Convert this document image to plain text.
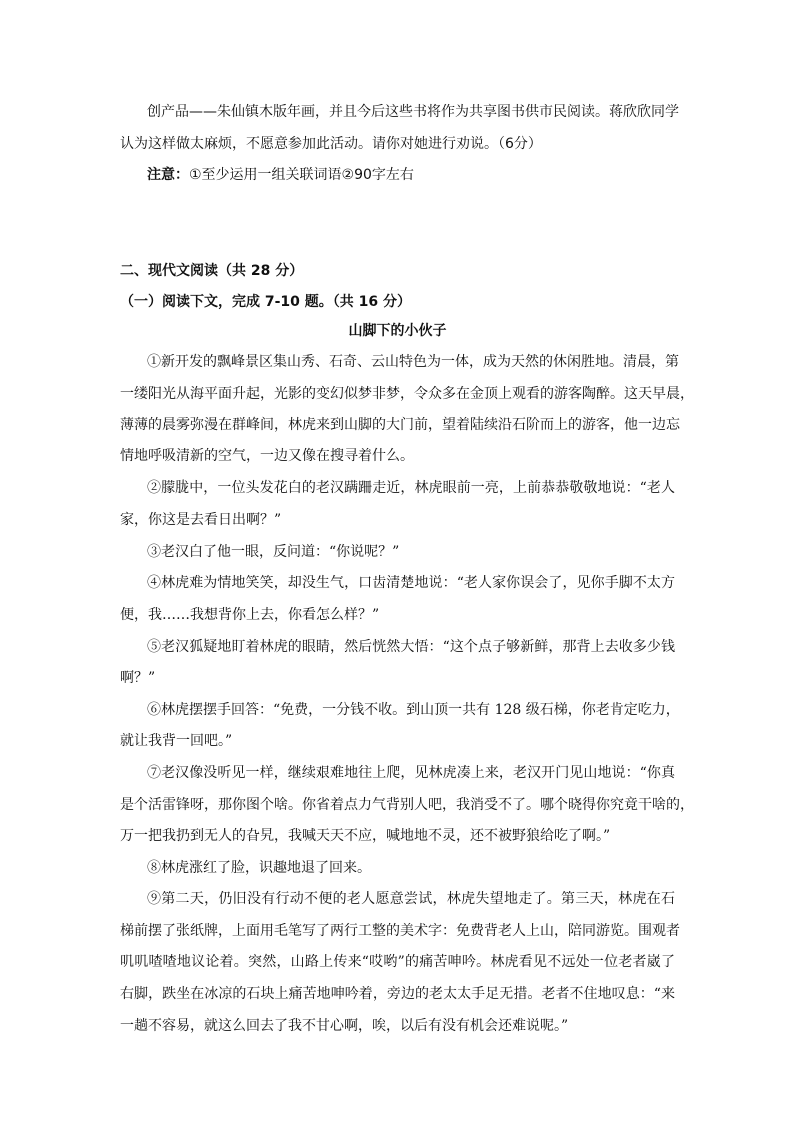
创产品——朱仙镇木版年画，并且今后这些书将作为共享图书供市民阅读。蒋欣欣同学
认为这样做太麻烦，不愿意参加此活动。请你对她进行劝说。（6分）
注意：①至少运用一组关联词语②90字左右
二、现代文阅读（共 28 分）
（一）阅读下文，完成 7-10 题。（共 16 分）
山脚下的小伙子
①新开发的飘峰景区集山秀、石奇、云山特色为一体，成为天然的休闲胜地。清晨，第
一缕阳光从海平面升起，光影的变幻似梦非梦，令众多在金顶上观看的游客陶醉。这天早晨，
薄薄的晨雾弥漫在群峰间，林虎来到山脚的大门前，望着陆续沿石阶而上的游客，他一边忘
情地呼吸清新的空气，一边又像在搜寻着什么。
②朦胧中，一位头发花白的老汉蹒跚走近，林虎眼前一亮，上前恭恭敬敬地说：“老人
家，你这是去看日出啊？”
③老汉白了他一眼，反问道：“你说呢？”
④林虎难为情地笑笑，却没生气，口齿清楚地说：“老人家你误会了，见你手脚不太方
便，我……我想背你上去，你看怎么样？”
⑤老汉狐疑地盯着林虎的眼睛，然后恍然大悟：“这个点子够新鲜，那背上去收多少钱
啊？”
⑥林虎摆摆手回答：“免费，一分钱不收。到山顶一共有 128 级石梯，你老肯定吃力，
就让我背一回吧。”
⑦老汉像没听见一样，继续艰难地往上爬，见林虎凑上来，老汉开门见山地说：“你真
是个活雷锋呀，那你图个啥。你省着点力气背别人吧，我消受不了。哪个晓得你究竟干啥的，
万一把我扔到无人的旮旯，我喊天天不应，喊地地不灵，还不被野狼给吃了啊。”
⑧林虎涨红了脸，识趣地退了回来。
⑨第二天，仍旧没有行动不便的老人愿意尝试，林虎失望地走了。第三天，林虎在石
梯前摆了张纸牌，上面用毛笔写了两行工整的美术字：免费背老人上山，陪同游览。围观者
叽叽喳喳地议论着。突然，山路上传来“哎哟”的痛苦呻吟。林虎看见不远处一位老者崴了
右脚，跌坐在冰凉的石块上痛苦地呻吟着，旁边的老太太手足无措。老者不住地叹息：“来
一趟不容易，就这么回去了我不甘心啊，唉，以后有没有机会还难说呢。”
